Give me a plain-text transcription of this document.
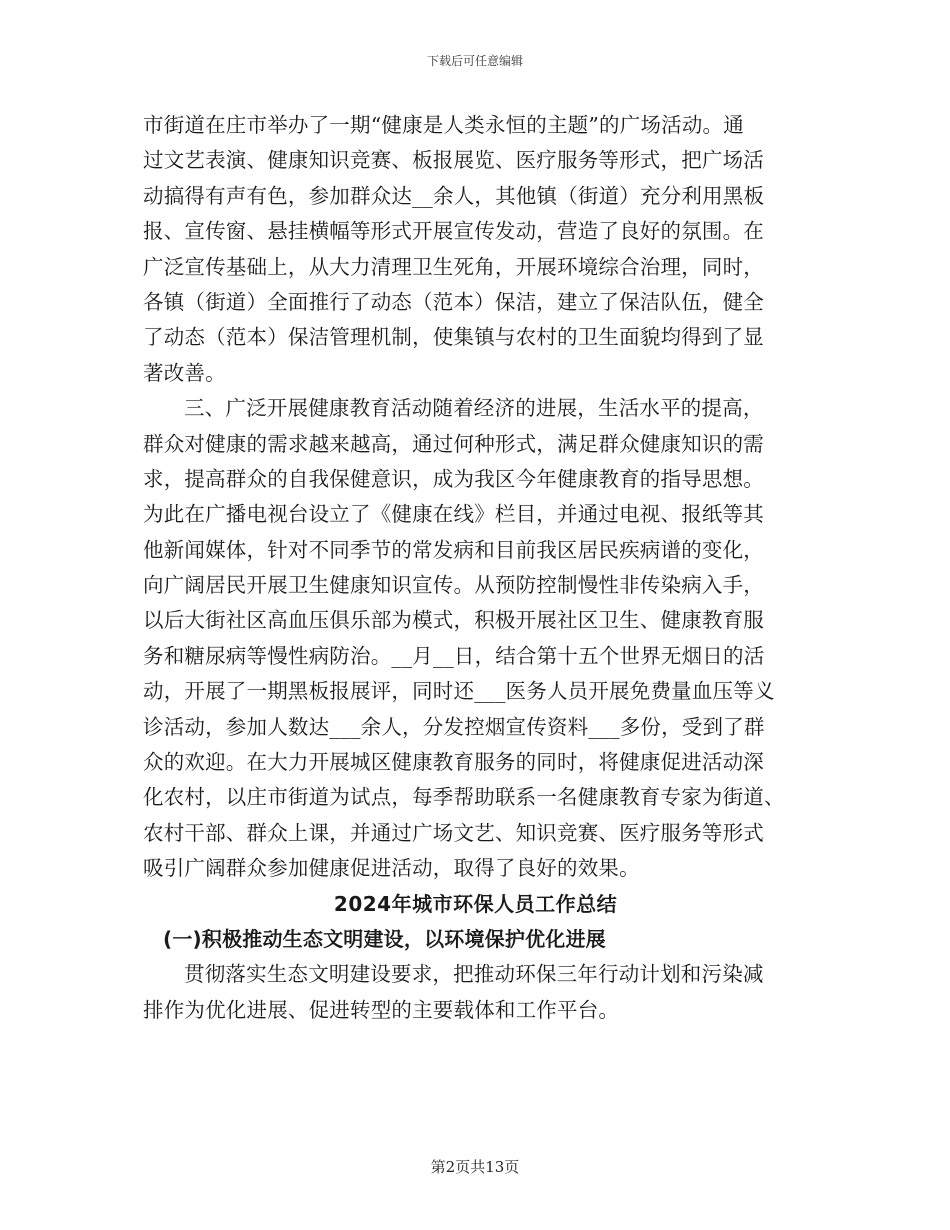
下载后可任意编辑
市街道在庄市举办了一期“健康是人类永恒的主题”的广场活动。通
过文艺表演、健康知识竞赛、板报展览、医疗服务等形式，把广场活
动搞得有声有色，参加群众达__余人，其他镇（街道）充分利用黑板
报、宣传窗、悬挂横幅等形式开展宣传发动，营造了良好的氛围。在
广泛宣传基础上，从大力清理卫生死角，开展环境综合治理，同时，
各镇（街道）全面推行了动态（范本）保洁，建立了保洁队伍，健全
了动态（范本）保洁管理机制，使集镇与农村的卫生面貌均得到了显
著改善。
三、广泛开展健康教育活动随着经济的进展，生活水平的提高，
群众对健康的需求越来越高，通过何种形式，满足群众健康知识的需
求，提高群众的自我保健意识，成为我区今年健康教育的指导思想。
为此在广播电视台设立了《健康在线》栏目，并通过电视、报纸等其
他新闻媒体，针对不同季节的常发病和目前我区居民疾病谱的变化，
向广阔居民开展卫生健康知识宣传。从预防控制慢性非传染病入手，
以后大街社区高血压俱乐部为模式，积极开展社区卫生、健康教育服
务和糖尿病等慢性病防治。__月__日，结合第十五个世界无烟日的活
动，开展了一期黑板报展评，同时还___医务人员开展免费量血压等义
诊活动，参加人数达___余人，分发控烟宣传资料___多份，受到了群
众的欢迎。在大力开展城区健康教育服务的同时，将健康促进活动深
化农村，以庄市街道为试点，每季帮助联系一名健康教育专家为街道、
农村干部、群众上课，并通过广场文艺、知识竞赛、医疗服务等形式
吸引广阔群众参加健康促进活动，取得了良好的效果。
2024年城市环保人员工作总结
(一)积极推动生态文明建设，以环境保护优化进展
贯彻落实生态文明建设要求，把推动环保三年行动计划和污染减
排作为优化进展、促进转型的主要载体和工作平台。
第2页共13页
